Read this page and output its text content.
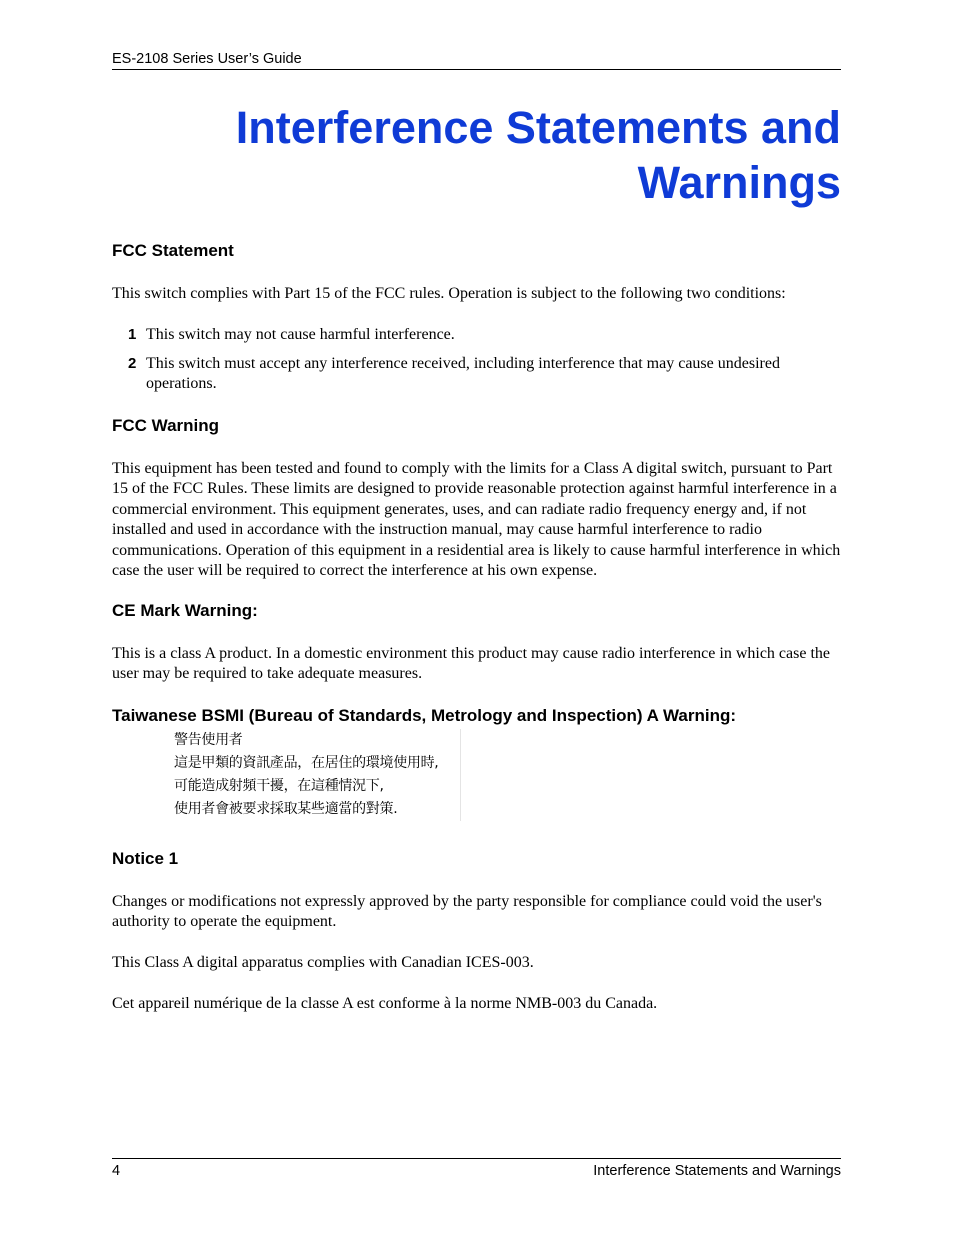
ES-2108 Series User’s Guide
Interference Statements and
Warnings
FCC Statement

This switch complies with Part 15 of the FCC rules. Operation is subject to the following two conditions:

1 This switch may not cause harmful interference.
2 This switch must accept any interference received, including interference that may cause undesired operations.
FCC Warning

This equipment has been tested and found to comply with the limits for a Class A digital switch, pursuant to Part 15 of the FCC Rules. These limits are designed to provide reasonable protection against harmful interference in a commercial environment. This equipment generates, uses, and can radiate radio frequency energy and, if not installed and used in accordance with the instruction manual, may cause harmful interference to radio communications. Operation of this equipment in a residential area is likely to cause harmful interference in which case the user will be required to correct the interference at his own expense.

CE Mark Warning:

This is a class A product. In a domestic environment this product may cause radio interference in which case the user may be required to take adequate measures.

Taiwanese BSMI (Bureau of Standards, Metrology and Inspection) A Warning:
警告使用者
這是甲類的資訊產品，在居住的環境使用時,
可能造成射頻干擾，在這種情況下,
使用者會被要求採取某些適當的對策.
Notice 1

Changes or modifications not expressly approved by the party responsible for compliance could void the user's authority to operate the equipment.

This Class A digital apparatus complies with Canadian ICES-003.

Cet appareil numérique de la classe A est conforme à la norme NMB-003 du Canada.

4	Interference Statements and Warnings
